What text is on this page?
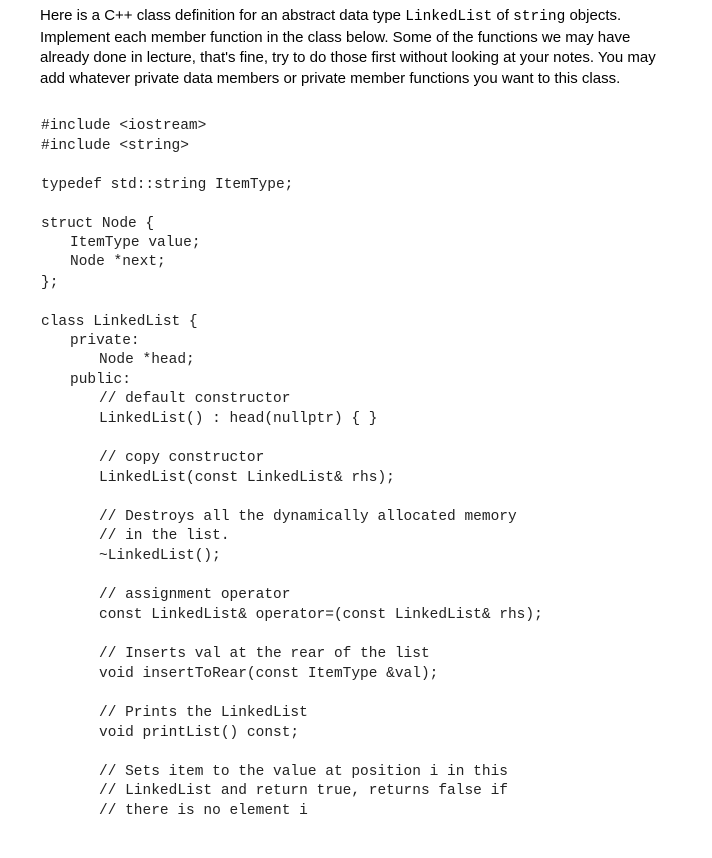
Here is a C++ class definition for an abstract data type LinkedList of string objects. Implement each member function in the class below. Some of the functions we may have already done in lecture, that's fine, try to do those first without looking at your notes. You may add whatever private data members or private member functions you want to this class.

#include <iostream>

#include <string>

typedef std::string ItemType;

struct Node {

ItemType value;

Node *next;

};

class LinkedList {

private:

Node *head;

public:

// default constructor

LinkedList() : head(nullptr) { }

// copy constructor

LinkedList(const LinkedList& rhs);

// Destroys all the dynamically allocated memory

// in the list.

~LinkedList();

// assignment operator

const LinkedList& operator=(const LinkedList& rhs);

// Inserts val at the rear of the list

void insertToRear(const ItemType &val);

// Prints the LinkedList

void printList() const;

// Sets item to the value at position i in this

// LinkedList and return true, returns false if

// there is no element i
